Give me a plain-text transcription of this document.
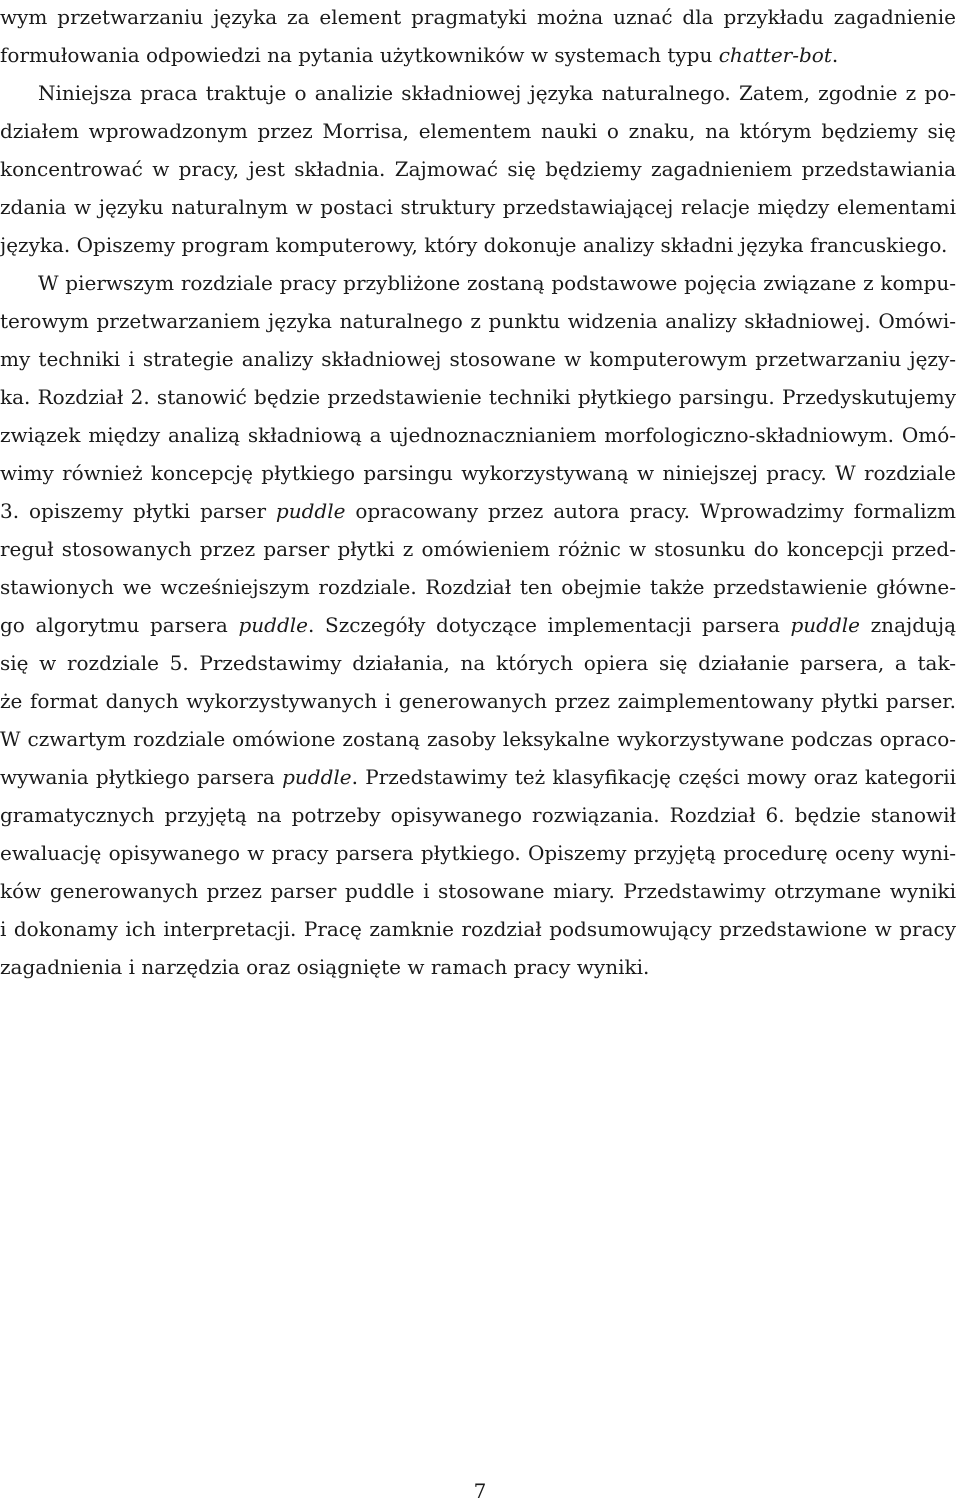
wym przetwarzaniu języka za element pragmatyki można uznać dla przykładu zagadnienie
formułowania odpowiedzi na pytania użytkowników w systemach typu chatter-bot.
Niniejsza praca traktuje o analizie składniowej języka naturalnego. Zatem, zgodnie z po-
działem wprowadzonym przez Morrisa, elementem nauki o znaku, na którym będziemy się
koncentrować w pracy, jest składnia. Zajmować się będziemy zagadnieniem przedstawiania
zdania w języku naturalnym w postaci struktury przedstawiającej relacje między elementami
języka. Opiszemy program komputerowy, który dokonuje analizy składni języka francuskiego.
W pierwszym rozdziale pracy przybliżone zostaną podstawowe pojęcia związane z kompu-
terowym przetwarzaniem języka naturalnego z punktu widzenia analizy składniowej. Omówi-
my techniki i strategie analizy składniowej stosowane w komputerowym przetwarzaniu języ-
ka. Rozdział 2. stanowić będzie przedstawienie techniki płytkiego parsingu. Przedyskutujemy
związek między analizą składniową a ujednoznacznianiem morfologiczno-składniowym. Omó-
wimy również koncepcję płytkiego parsingu wykorzystywaną w niniejszej pracy. W rozdziale
3. opiszemy płytki parser puddle opracowany przez autora pracy. Wprowadzimy formalizm
reguł stosowanych przez parser płytki z omówieniem różnic w stosunku do koncepcji przed-
stawionych we wcześniejszym rozdziale. Rozdział ten obejmie także przedstawienie główne-
go algorytmu parsera puddle. Szczegóły dotyczące implementacji parsera puddle znajdują
się w rozdziale 5. Przedstawimy działania, na których opiera się działanie parsera, a tak-
że format danych wykorzystywanych i generowanych przez zaimplementowany płytki parser.
W czwartym rozdziale omówione zostaną zasoby leksykalne wykorzystywane podczas opraco-
wywania płytkiego parsera puddle. Przedstawimy też klasyfikację części mowy oraz kategorii
gramatycznych przyjętą na potrzeby opisywanego rozwiązania. Rozdział 6. będzie stanowił
ewaluację opisywanego w pracy parsera płytkiego. Opiszemy przyjętą procedurę oceny wyni-
ków generowanych przez parser puddle i stosowane miary. Przedstawimy otrzymane wyniki
i dokonamy ich interpretacji. Pracę zamknie rozdział podsumowujący przedstawione w pracy
zagadnienia i narzędzia oraz osiągnięte w ramach pracy wyniki.
7
